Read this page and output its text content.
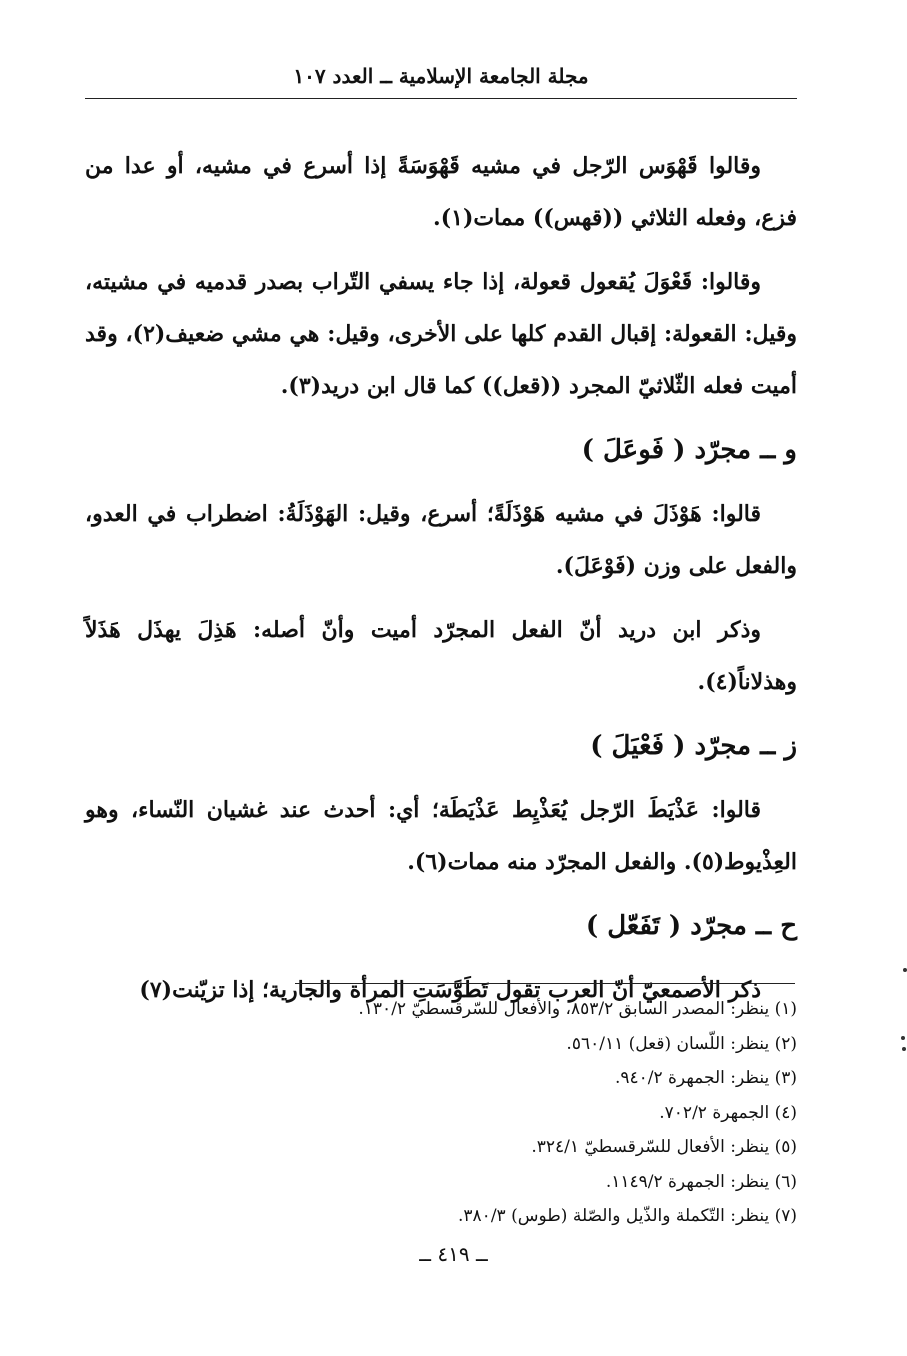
مجلة الجامعة الإسلامية ــ العدد ١٠٧

وقالوا قَهْوَس الرّجل في مشيه قَهْوَسَةً إذا أسرع في مشيه، أو عدا من فزع، وفعله الثلاثي ((قهس)) ممات(١).

وقالوا: قَعْوَلَ يُقعول قعولة، إذا جاء يسفي التّراب بصدر قدميه في مشيته، وقيل: القعولة: إقبال القدم كلها على الأخرى، وقيل: هي مشي ضعيف(٢)، وقد أميت فعله الثّلاثيّ المجرد ((قعل)) كما قال ابن دريد(٣).

و ــ مجرّد ( فَوعَلَ )

قالوا: هَوْذَلَ في مشيه هَوْذَلَةً؛ أسرع، وقيل: الهَوْذَلَةُ: اضطراب في العدو، والفعل على وزن (فَوْعَلَ).

وذكر ابن دريد أنّ الفعل المجرّد أميت وأنّ أصله: هَذِلَ يهذَل هَذَلاً وهذلاناً(٤).

ز ــ مجرّد ( فَعْيَلَ )

قالوا: عَذْيَطَ الرّجل يُعَذْيِط عَذْيَطَة؛ أي: أحدث عند غشيان النّساء، وهو العِذْيوط(٥). والفعل المجرّد منه ممات(٦).

ح ــ مجرّد ( تَفَعّل )

ذكر الأصمعيّ أنّ العرب تقول تَطَوَّسَتِ المرأة والجارية؛ إذا تزيّنت(٧)

(١) ينظر: المصدر السابق ٨٥٣/٢، والأفعال للسّرقسطيّ ١٣٠/٢.
(٢) ينظر: اللّسان (قعل) ٥٦٠/١١.
(٣) ينظر: الجمهرة ٩٤٠/٢.
(٤) الجمهرة ٧٠٢/٢.
(٥) ينظر: الأفعال للسّرقسطيّ ٣٢٤/١.
(٦) ينظر: الجمهرة ١١٤٩/٢.
(٧) ينظر: التّكملة والذّيل والصّلة (طوس) ٣٨٠/٣.
ــ ٤١٩ ــ
